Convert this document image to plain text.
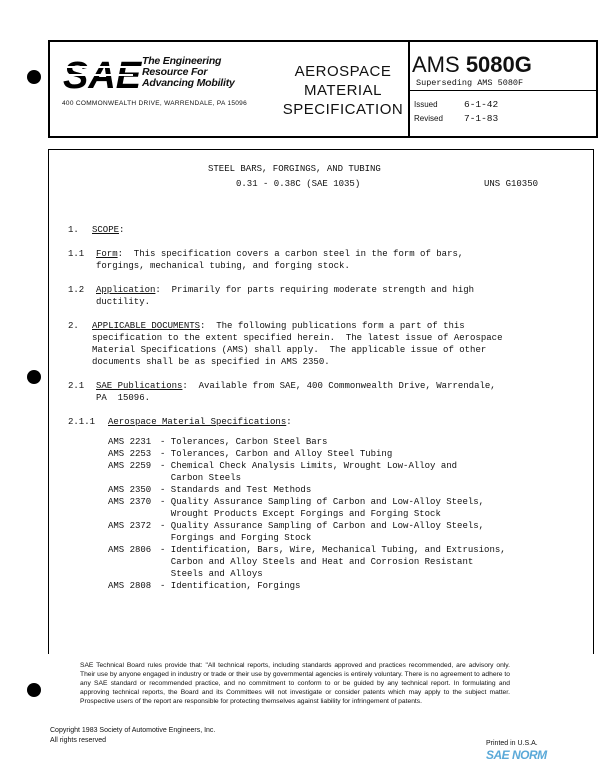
SAE The Engineering
Resource For
Advancing Mobility
400 COMMONWEALTH DRIVE, WARRENDALE, PA 15096
AEROSPACE
MATERIAL
SPECIFICATION
AMS 5080G
Superseding AMS 5080F
Issued	6-1-42
Revised 7-1-83
STEEL BARS, FORGINGS, AND TUBING
0.31 - 0.38C (SAE 1035)	UNS G10350
1. SCOPE:
1.1 Form:  This specification covers a carbon steel in the form of bars,
forgings, mechanical tubing, and forging stock.
1.2 Application:  Primarily for parts requiring moderate strength and high
ductility.
2. APPLICABLE DOCUMENTS:  The following publications form a part of this
specification to the extent specified herein.  The latest issue of Aerospace
Material Specifications (AMS) shall apply.  The applicable issue of other
documents shall be as specified in AMS 2350.
2.1 SAE Publications:  Available from SAE, 400 Commonwealth Drive, Warrendale,
PA  15096.
2.1.1 Aerospace Material Specifications:
AMS 2231 - Tolerances, Carbon Steel Bars
AMS 2253 - Tolerances, Carbon and Alloy Steel Tubing
AMS 2259 - Chemical Check Analysis Limits, Wrought Low-Alloy and
Carbon Steels
AMS 2350 - Standards and Test Methods
AMS 2370 - Quality Assurance Sampling of Carbon and Low-Alloy Steels,
Wrought Products Except Forgings and Forging Stock
AMS 2372 - Quality Assurance Sampling of Carbon and Low-Alloy Steels,
Forgings and Forging Stock
AMS 2806 - Identification, Bars, Wire, Mechanical Tubing, and Extrusions,
Carbon and Alloy Steels and Heat and Corrosion Resistant
Steels and Alloys
AMS 2808 - Identification, Forgings
SAE Technical Board rules provide that: "All technical reports, including standards approved and practices recommended, are advisory only. Their use by anyone engaged in industry or trade or their use by governmental agencies is entirely voluntary. There is no agreement to adhere to any SAE standard or recommended practice, and no commitment to conform to or be guided by any technical report. In formulating and approving technical reports, the Board and its Committees will not investigate or consider patents which may apply to the subject matter. Prospective users of the report are responsible for protecting themselves against liability for infringement of patents.
Copyright 1983 Society of Automotive Engineers, Inc.
All rights reserved	Printed in U.S.A.
SAE NORM
